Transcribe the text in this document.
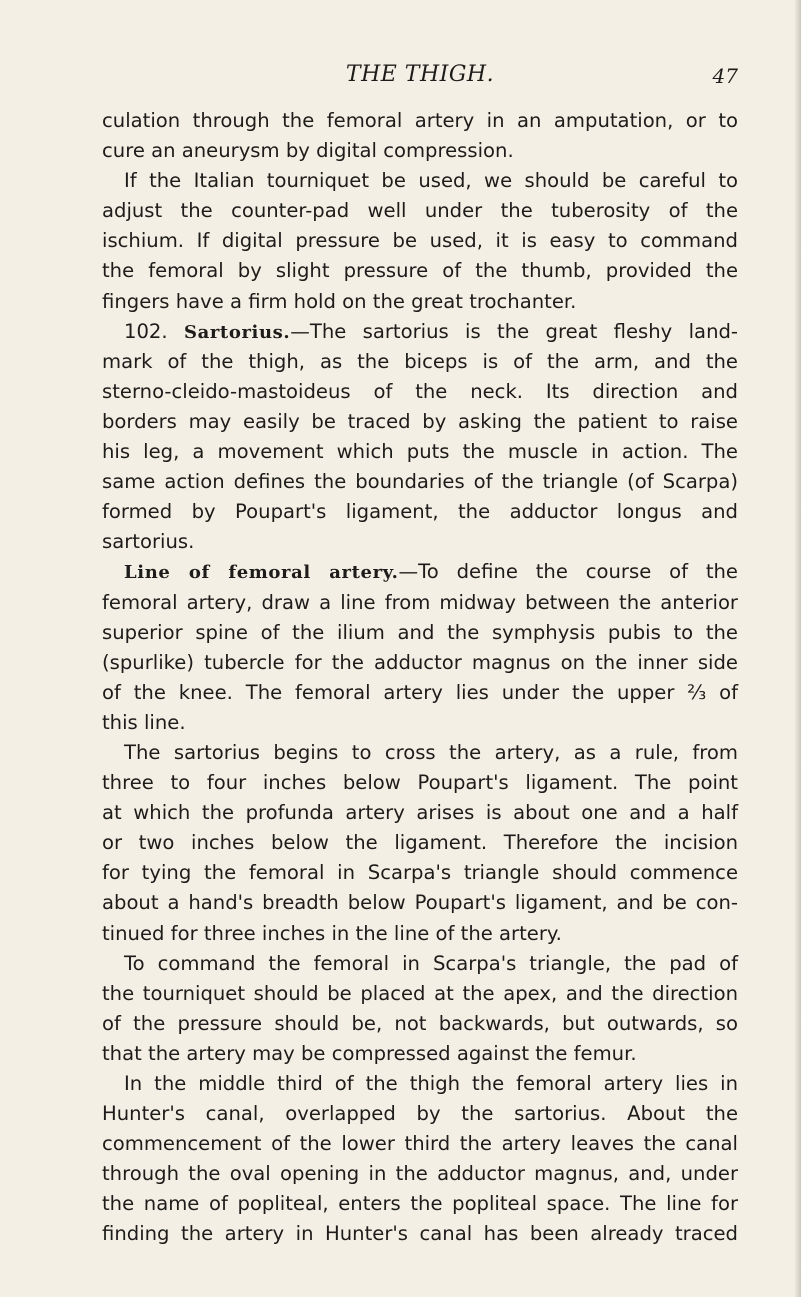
THE THIGH.	47
culation through the femoral artery in an amputation, or to
cure an aneurysm by digital compression.
If the Italian tourniquet be used, we should be careful to
adjust the counter-pad well under the tuberosity of the
ischium. If digital pressure be used, it is easy to command
the femoral by slight pressure of the thumb, provided the
fingers have a firm hold on the great trochanter.
102. Sartorius.—The sartorius is the great fleshy land-
mark of the thigh, as the biceps is of the arm, and the
sterno-cleido-mastoideus of the neck. Its direction and
borders may easily be traced by asking the patient to raise
his leg, a movement which puts the muscle in action. The
same action defines the boundaries of the triangle (of Scarpa)
formed by Poupart's ligament, the adductor longus and
sartorius.
Line of femoral artery.—To define the course of the
femoral artery, draw a line from midway between the anterior
superior spine of the ilium and the symphysis pubis to the
(spurlike) tubercle for the adductor magnus on the inner side
of the knee. The femoral artery lies under the upper ⅔ of
this line.
The sartorius begins to cross the artery, as a rule, from
three to four inches below Poupart's ligament. The point
at which the profunda artery arises is about one and a half
or two inches below the ligament. Therefore the incision
for tying the femoral in Scarpa's triangle should commence
about a hand's breadth below Poupart's ligament, and be con-
tinued for three inches in the line of the artery.
To command the femoral in Scarpa's triangle, the pad of
the tourniquet should be placed at the apex, and the direction
of the pressure should be, not backwards, but outwards, so
that the artery may be compressed against the femur.
In the middle third of the thigh the femoral artery lies in
Hunter's canal, overlapped by the sartorius. About the
commencement of the lower third the artery leaves the canal
through the oval opening in the adductor magnus, and, under
the name of popliteal, enters the popliteal space. The line for
finding the artery in Hunter's canal has been already traced
